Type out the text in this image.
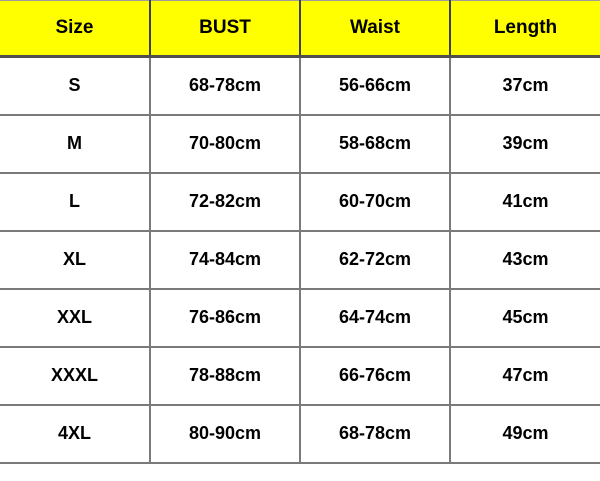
Size	BUST	Waist	Length
S	68-78cm	56-66cm	37cm
M	70-80cm	58-68cm	39cm
L	72-82cm	60-70cm	41cm
XL	74-84cm	62-72cm	43cm
XXL	76-86cm	64-74cm	45cm
XXXL	78-88cm	66-76cm	47cm
4XL	80-90cm	68-78cm	49cm
